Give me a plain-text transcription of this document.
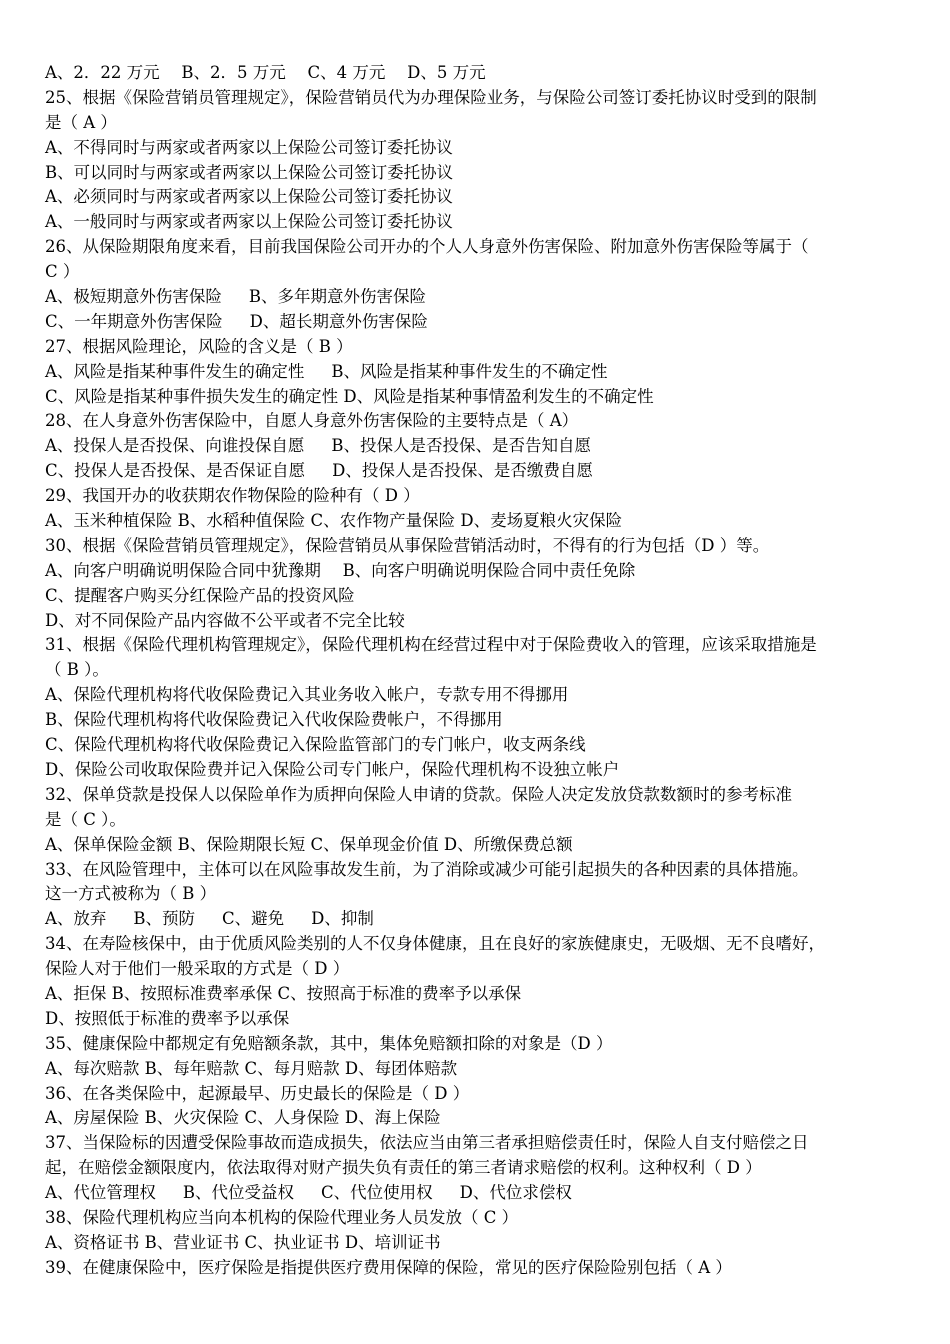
A、2．22 万元 　B、2．5 万元 　C、4 万元 　D、5 万元
25、根据《保险营销员管理规定》，保险营销员代为办理保险业务，与保险公司签订委托协议时受到的限制
是（ A ）
A、不得同时与两家或者两家以上保险公司签订委托协议
B、可以同时与两家或者两家以上保险公司签订委托协议
A、必须同时与两家或者两家以上保险公司签订委托协议
A、一般同时与两家或者两家以上保险公司签订委托协议
26、从保险期限角度来看，目前我国保险公司开办的个人人身意外伤害保险、附加意外伤害保险等属于（
C ）
A、极短期意外伤害保险 　 B、多年期意外伤害保险
C、一年期意外伤害保险 　 D、超长期意外伤害保险
27、根据风险理论，风险的含义是（ B ）
A、风险是指某种事件发生的确定性 　 B、风险是指某种事件发生的不确定性
C、风险是指某种事件损失发生的确定性 D、风险是指某种事情盈利发生的不确定性
28、在人身意外伤害保险中，自愿人身意外伤害保险的主要特点是（ A）
A、投保人是否投保、向谁投保自愿 　 B、投保人是否投保、是否告知自愿
C、投保人是否投保、是否保证自愿 　 D、投保人是否投保、是否缴费自愿
29、我国开办的收获期农作物保险的险种有（ D ）
A、玉米种植保险 B、水稻种值保险 C、农作物产量保险 D、麦场夏粮火灾保险
30、根据《保险营销员管理规定》，保险营销员从事保险营销活动时，不得有的行为包括（D ）等。
A、向客户明确说明保险合同中犹豫期 　B、向客户明确说明保险合同中责任免除
C、提醒客户购买分红保险产品的投资风险
D、对不同保险产品内容做不公平或者不完全比较
31、根据《保险代理机构管理规定》，保险代理机构在经营过程中对于保险费收入的管理，应该采取措施是
（ B ）。
A、保险代理机构将代收保险费记入其业务收入帐户，专款专用不得挪用
B、保险代理机构将代收保险费记入代收保险费帐户，不得挪用
C、保险代理机构将代收保险费记入保险监管部门的专门帐户，收支两条线
D、保险公司收取保险费并记入保险公司专门帐户，保险代理机构不设独立帐户
32、保单贷款是投保人以保险单作为质押向保险人申请的贷款。保险人决定发放贷款数额时的参考标准
是（ C ）。
A、保单保险金额 B、保险期限长短 C、保单现金价值 D、所缴保费总额
33、在风险管理中，主体可以在风险事故发生前，为了消除或减少可能引起损失的各种因素的具体措施。
这一方式被称为（ B ）
A、放弃 　 B、预防 　 C、避免 　 D、抑制
34、在寿险核保中，由于优质风险类别的人不仅身体健康，且在良好的家族健康史，无吸烟、无不良嗜好，
保险人对于他们一般采取的方式是（ D ）
A、拒保 B、按照标准费率承保 C、按照高于标准的费率予以承保
D、按照低于标准的费率予以承保
35、健康保险中都规定有免赔额条款，其中，集体免赔额扣除的对象是（D ）
A、每次赔款 B、每年赔款 C、每月赔款 D、每团体赔款
36、在各类保险中，起源最早、历史最长的保险是（ D ）
A、房屋保险 B、火灾保险 C、人身保险 D、海上保险
37、当保险标的因遭受保险事故而造成损失，依法应当由第三者承担赔偿责任时，保险人自支付赔偿之日
起，在赔偿金额限度内，依法取得对财产损失负有责任的第三者请求赔偿的权利。这种权利（ D ）
A、代位管理权 　 B、代位受益权 　 C、代位使用权 　 D、代位求偿权
38、保险代理机构应当向本机构的保险代理业务人员发放（ C ）
A、资格证书 B、营业证书 C、执业证书 D、培训证书
39、在健康保险中，医疗保险是指提供医疗费用保障的保险，常见的医疗保险险别包括（ A ）
